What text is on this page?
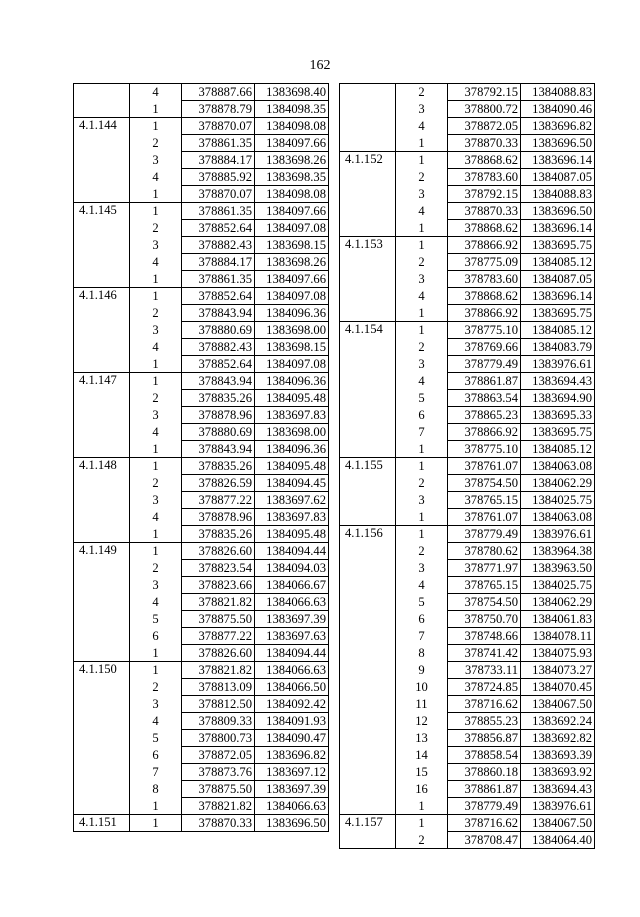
162
	4	378887.66	1383698.40
	1	378878.79	1384098.35
4.1.144	1	378870.07	1384098.08
	2	378861.35	1384097.66
	3	378884.17	1383698.26
	4	378885.92	1383698.35
	1	378870.07	1384098.08
4.1.145	1	378861.35	1384097.66
	2	378852.64	1384097.08
	3	378882.43	1383698.15
	4	378884.17	1383698.26
	1	378861.35	1384097.66
4.1.146	1	378852.64	1384097.08
	2	378843.94	1384096.36
	3	378880.69	1383698.00
	4	378882.43	1383698.15
	1	378852.64	1384097.08
4.1.147	1	378843.94	1384096.36
	2	378835.26	1384095.48
	3	378878.96	1383697.83
	4	378880.69	1383698.00
	1	378843.94	1384096.36
4.1.148	1	378835.26	1384095.48
	2	378826.59	1384094.45
	3	378877.22	1383697.62
	4	378878.96	1383697.83
	1	378835.26	1384095.48
4.1.149	1	378826.60	1384094.44
	2	378823.54	1384094.03
	3	378823.66	1384066.67
	4	378821.82	1384066.63
	5	378875.50	1383697.39
	6	378877.22	1383697.63
	1	378826.60	1384094.44
4.1.150	1	378821.82	1384066.63
	2	378813.09	1384066.50
	3	378812.50	1384092.42
	4	378809.33	1384091.93
	5	378800.73	1384090.47
	6	378872.05	1383696.82
	7	378873.76	1383697.12
	8	378875.50	1383697.39
	1	378821.82	1384066.63
4.1.151	1	378870.33	1383696.50
	2	378792.15	1384088.83
	3	378800.72	1384090.46
	4	378872.05	1383696.82
	1	378870.33	1383696.50
4.1.152	1	378868.62	1383696.14
	2	378783.60	1384087.05
	3	378792.15	1384088.83
	4	378870.33	1383696.50
	1	378868.62	1383696.14
4.1.153	1	378866.92	1383695.75
	2	378775.09	1384085.12
	3	378783.60	1384087.05
	4	378868.62	1383696.14
	1	378866.92	1383695.75
4.1.154	1	378775.10	1384085.12
	2	378769.66	1384083.79
	3	378779.49	1383976.61
	4	378861.87	1383694.43
	5	378863.54	1383694.90
	6	378865.23	1383695.33
	7	378866.92	1383695.75
	1	378775.10	1384085.12
4.1.155	1	378761.07	1384063.08
	2	378754.50	1384062.29
	3	378765.15	1384025.75
	1	378761.07	1384063.08
4.1.156	1	378779.49	1383976.61
	2	378780.62	1383964.38
	3	378771.97	1383963.50
	4	378765.15	1384025.75
	5	378754.50	1384062.29
	6	378750.70	1384061.83
	7	378748.66	1384078.11
	8	378741.42	1384075.93
	9	378733.11	1384073.27
	10	378724.85	1384070.45
	11	378716.62	1384067.50
	12	378855.23	1383692.24
	13	378856.87	1383692.82
	14	378858.54	1383693.39
	15	378860.18	1383693.92
	16	378861.87	1383694.43
	1	378779.49	1383976.61
4.1.157	1	378716.62	1384067.50
	2	378708.47	1384064.40
